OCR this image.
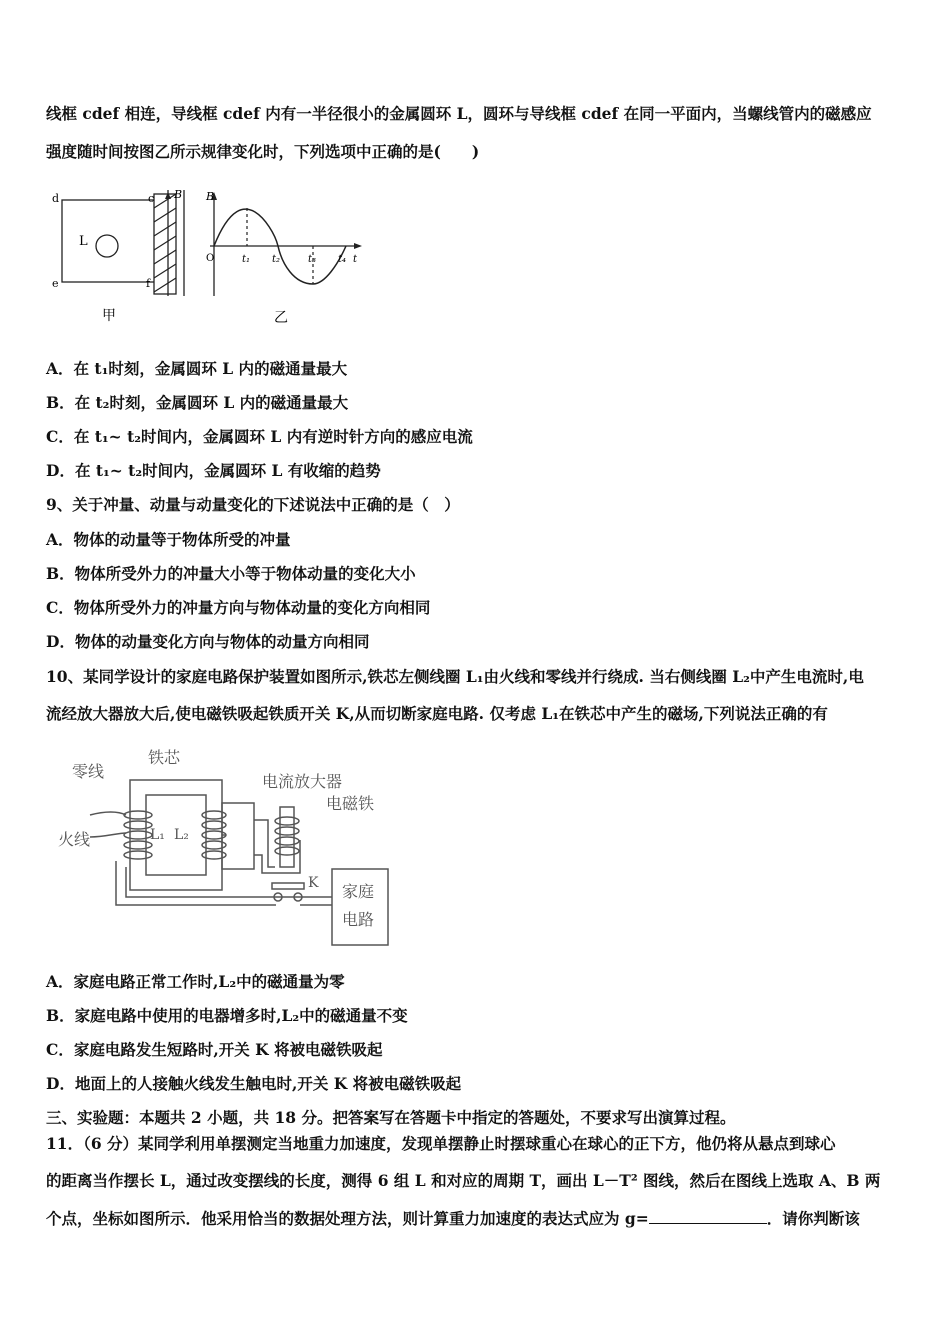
线框 cdef 相连，导线框 cdef 内有一半径很小的金属圆环 L，圆环与导线框 cdef 在同一平面内，当螺线管内的磁感应
强度随时间按图乙所示规律变化时，下列选项中正确的是(　　)
d	c B
e	f
L
甲
B
O	t₁ t₂	t₃ t₄ t
乙
A．在 t₁时刻，金属圆环 L 内的磁通量最大
B．在 t₂时刻，金属圆环 L 内的磁通量最大
C．在 t₁~ t₂时间内，金属圆环 L 内有逆时针方向的感应电流
D．在 t₁~ t₂时间内，金属圆环 L 有收缩的趋势
9、关于冲量、动量与动量变化的下述说法中正确的是（　）
A．物体的动量等于物体所受的冲量
B．物体所受外力的冲量大小等于物体动量的变化大小
C．物体所受外力的冲量方向与物体动量的变化方向相同
D．物体的动量变化方向与物体的动量方向相同
10、某同学设计的家庭电路保护装置如图所示,铁芯左侧线圈 L₁由火线和零线并行绕成. 当右侧线圈 L₂中产生电流时,电
流经放大器放大后,使电磁铁吸起铁质开关 K,从而切断家庭电路. 仅考虑 L₁在铁芯中产生的磁场,下列说法正确的有
零线
铁芯
电流放大器
电磁铁
火线	L₁ L₂
K 家庭
电路
A．家庭电路正常工作时,L₂中的磁通量为零
B．家庭电路中使用的电器增多时,L₂中的磁通量不变
C．家庭电路发生短路时,开关 K 将被电磁铁吸起
D．地面上的人接触火线发生触电时,开关 K 将被电磁铁吸起
三、实验题：本题共 2 小题，共 18 分。把答案写在答题卡中指定的答题处，不要求写出演算过程。
11．（6 分）某同学利用单摆测定当地重力加速度，发现单摆静止时摆球重心在球心的正下方，他仍将从悬点到球心
的距离当作摆长 L，通过改变摆线的长度，测得 6 组 L 和对应的周期 T，画出 L－T² 图线，然后在图线上选取 A、B 两
个点，坐标如图所示．他采用恰当的数据处理方法，则计算重力加速度的表达式应为 g=	．请你判断该
